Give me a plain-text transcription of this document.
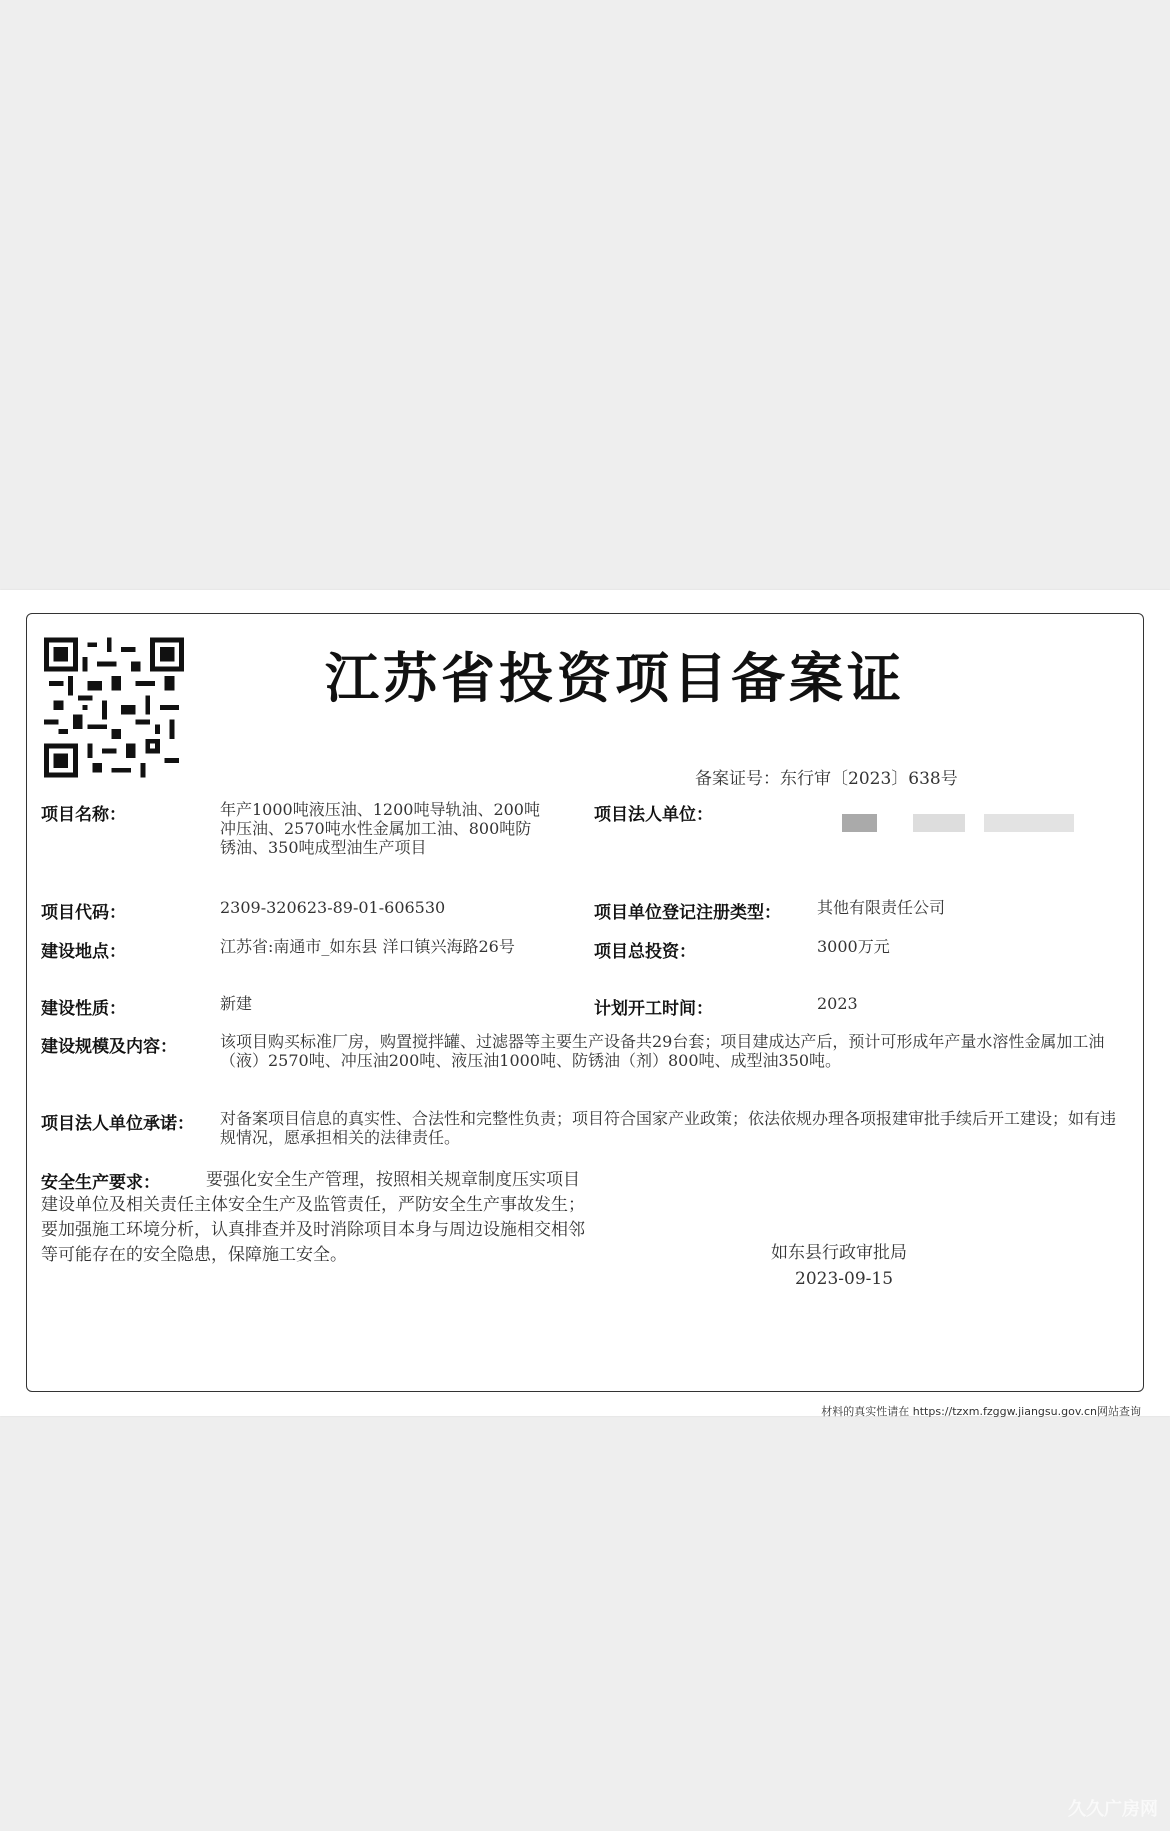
江苏省投资项目备案证
备案证号：东行审〔2023〕638号
项目名称：	年产1000吨液压油、1200吨导轨油、200吨冲压油、2570吨水性金属加工油、800吨防锈油、350吨成型油生产项目
项目法人单位：
项目代码：	2309-320623-89-01-606530	项目单位登记注册类型： 其他有限责任公司
建设地点：	江苏省:南通市_如东县 洋口镇兴海路26号	项目总投资：	3000万元
建设性质：	新建	计划开工时间：	2023
建设规模及内容：	该项目购买标准厂房，购置搅拌罐、过滤器等主要生产设备共29台套；项目建成达产后，预计可形成年产量水溶性金属加工油（液）2570吨、冲压油200吨、液压油1000吨、防锈油（剂）800吨、成型油350吨。
项目法人单位承诺： 对备案项目信息的真实性、合法性和完整性负责；项目符合国家产业政策；依法依规办理各项报建审批手续后开工建设；如有违规情况，愿承担相关的法律责任。
安全生产要求：	要强化安全生产管理，按照相关规章制度压实项目建设单位及相关责任主体安全生产及监管责任，严防安全生产事故发生；要加强施工环境分析，认真排查并及时消除项目本身与周边设施相交相邻等可能存在的安全隐患，保障施工安全。	如东县行政审批局
2023-09-15
材料的真实性请在 https://tzxm.fzggw.jiangsu.gov.cn网站查询
久久广房网
